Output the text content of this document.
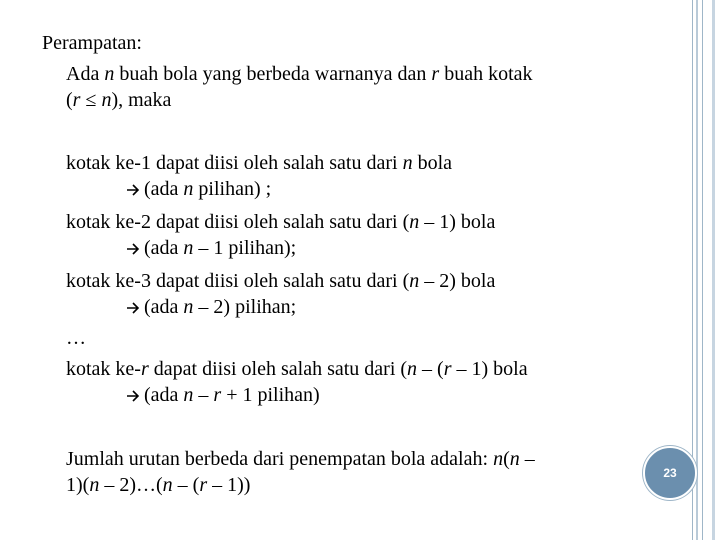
Perampatan:
Ada n buah bola yang berbeda warnanya dan r buah kotak
(r ≤ n), maka
kotak ke-1 dapat diisi oleh salah satu dari n bola
(ada n pilihan) ;
kotak ke-2 dapat diisi oleh salah satu dari (n – 1) bola
(ada n – 1 pilihan);
kotak ke-3 dapat diisi oleh salah satu dari (n – 2) bola
(ada n – 2) pilihan;
…
kotak ke-r dapat diisi oleh salah satu dari (n – (r – 1) bola
(ada n – r + 1 pilihan)
Jumlah urutan berbeda dari penempatan bola adalah: n(n –
1)(n – 2)…(n – (r – 1))
23
